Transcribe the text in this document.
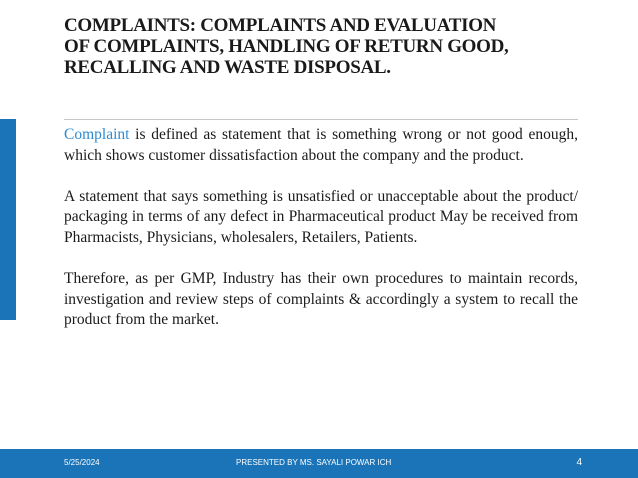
COMPLAINTS: COMPLAINTS AND EVALUATION
OF COMPLAINTS, HANDLING OF RETURN GOOD,
RECALLING AND WASTE DISPOSAL.

Complaint is defined as statement that is something wrong or not good enough, which shows customer dissatisfaction about the company and the product.

A statement that says something is unsatisfied or unacceptable about the product/ packaging in terms of any defect in Pharmaceutical product May be received from Pharmacists, Physicians, wholesalers, Retailers, Patients.

Therefore, as per GMP, Industry has their own procedures to maintain records, investigation and review steps of complaints & accordingly a system to recall the product from the market.

5/25/2024	PRESENTED BY MS. SAYALI POWAR ICH	4
